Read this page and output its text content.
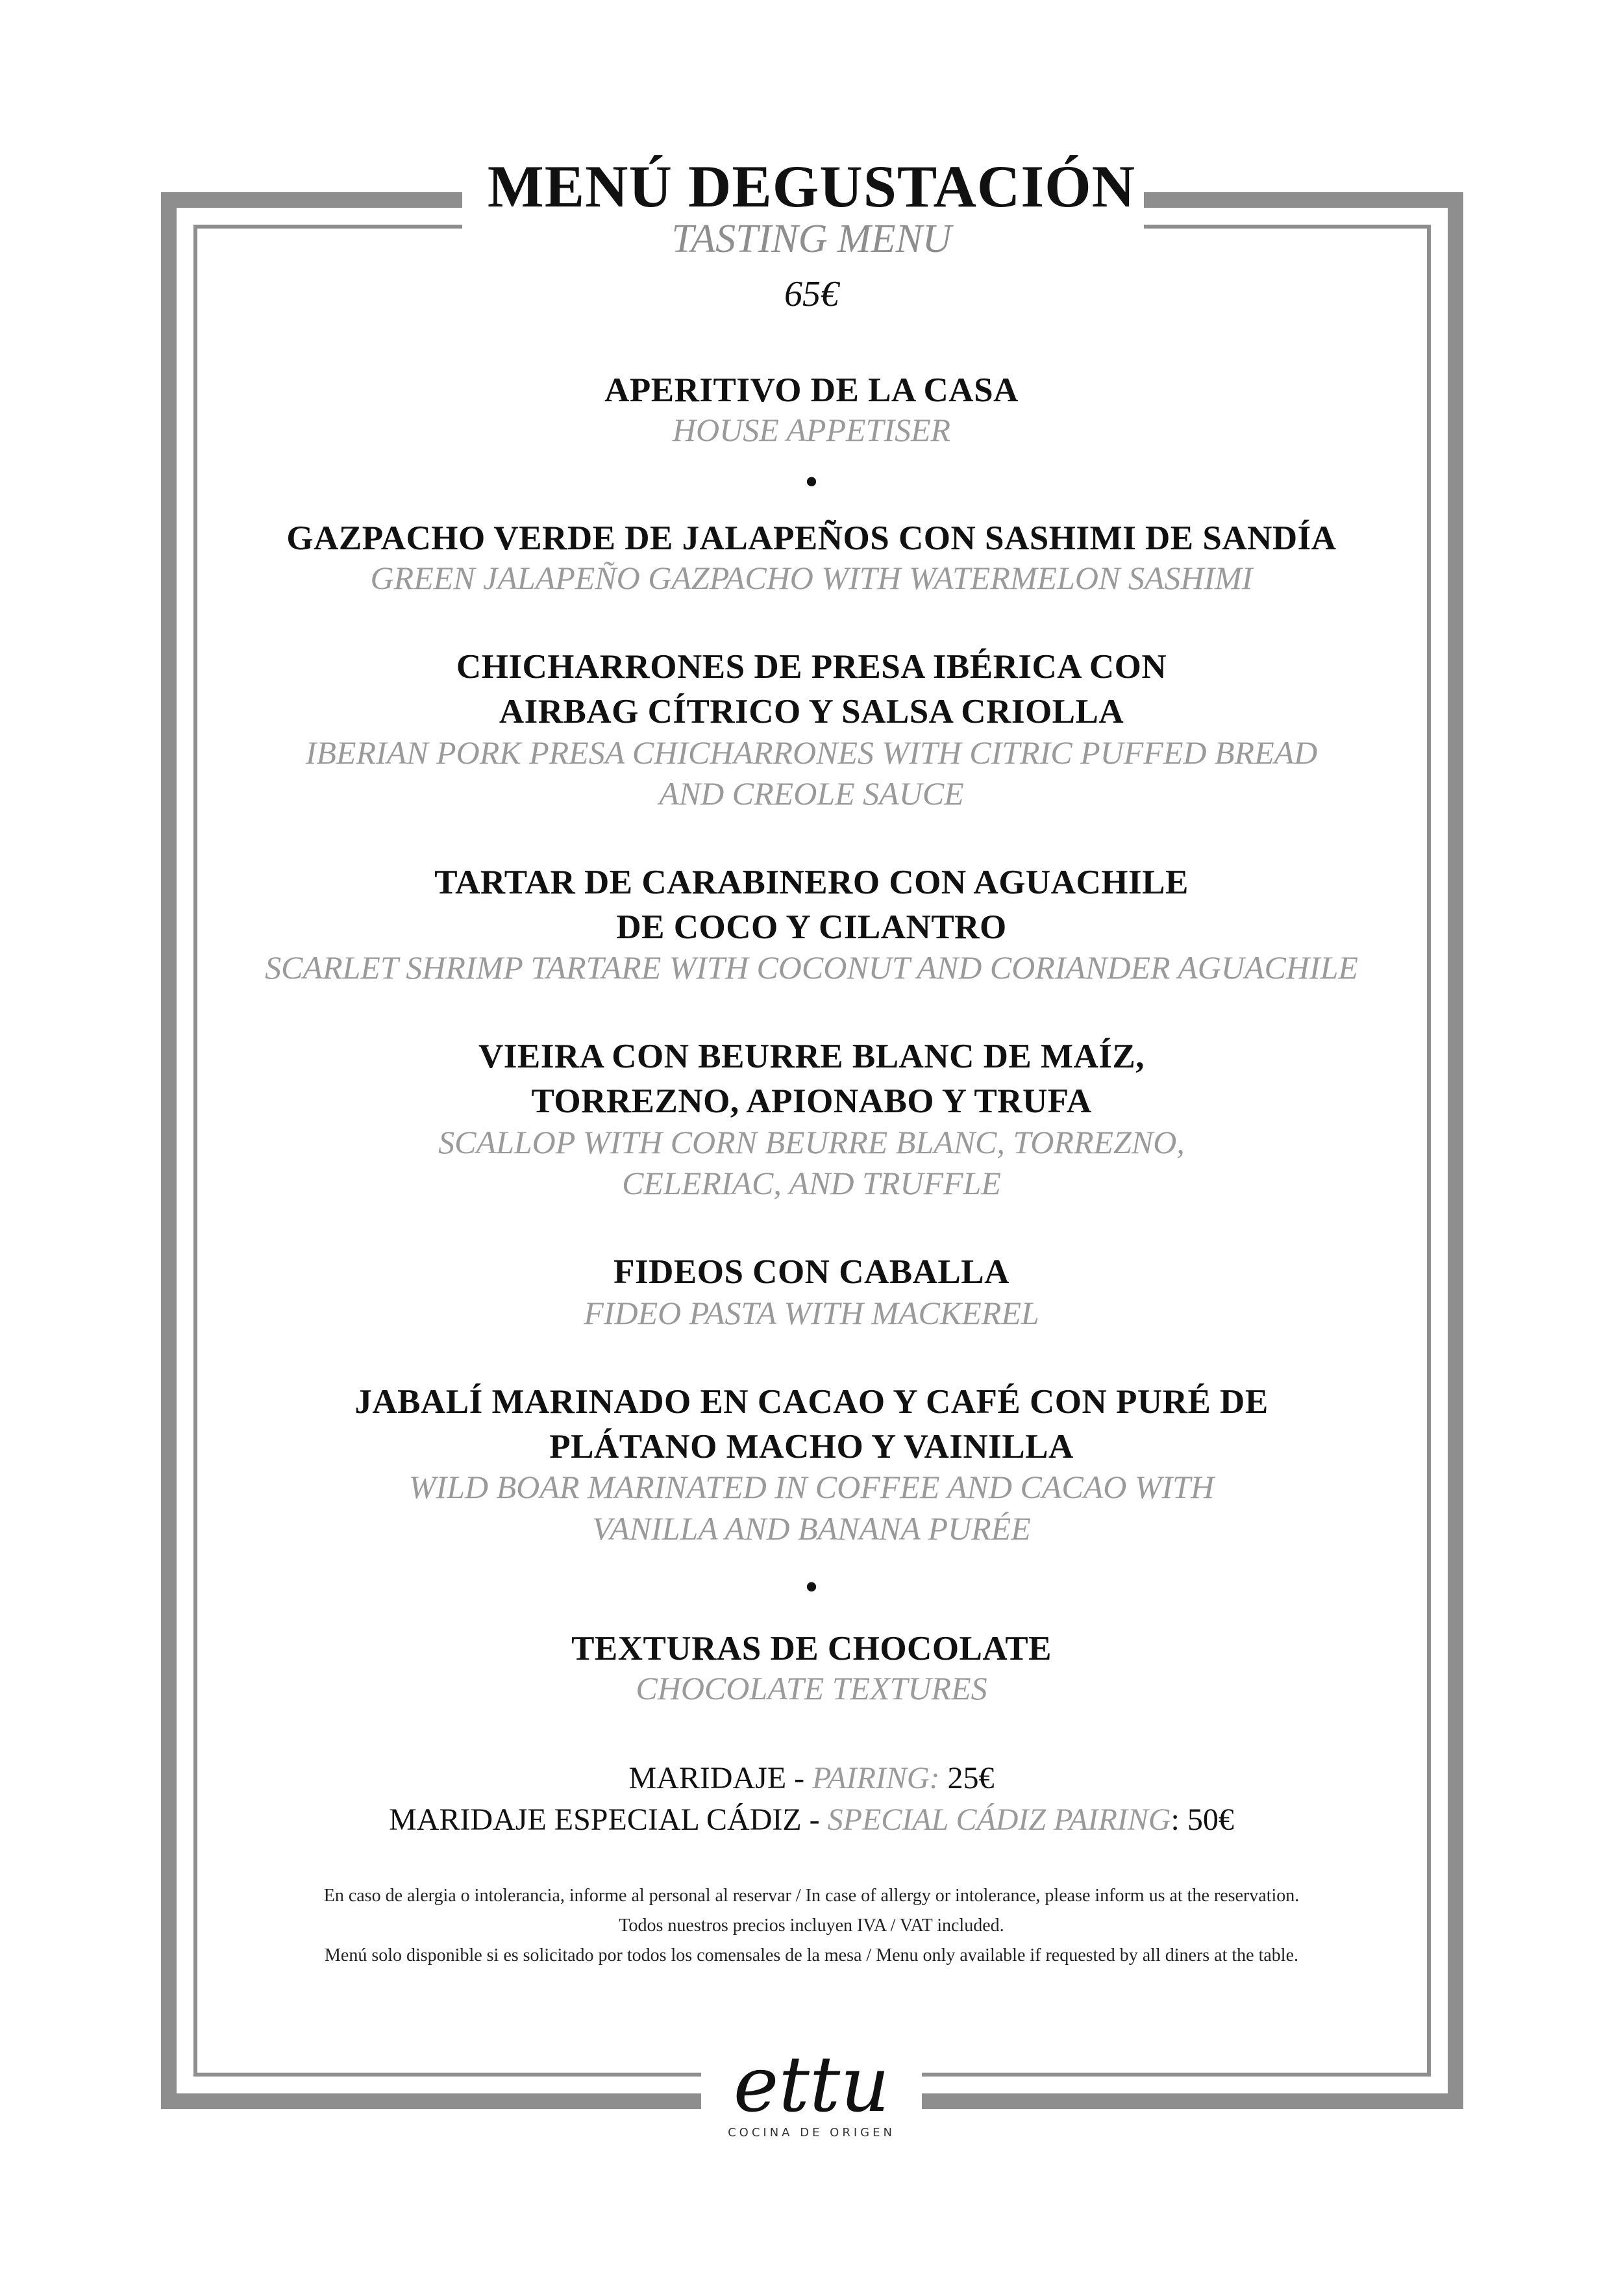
MENÚ DEGUSTACIÓN
TASTING MENU
65€
APERITIVO DE LA CASA
HOUSE APPETISER
•
GAZPACHO VERDE DE JALAPEÑOS CON SASHIMI DE SANDÍA
GREEN JALAPEÑO GAZPACHO WITH WATERMELON SASHIMI
CHICHARRONES DE PRESA IBÉRICA CON
AIRBAG CÍTRICO Y SALSA CRIOLLA
IBERIAN PORK PRESA CHICHARRONES WITH CITRIC PUFFED BREAD
AND CREOLE SAUCE
TARTAR DE CARABINERO CON AGUACHILE
DE COCO Y CILANTRO
SCARLET SHRIMP TARTARE WITH COCONUT AND CORIANDER AGUACHILE
VIEIRA CON BEURRE BLANC DE MAÍZ,
TORREZNO, APIONABO Y TRUFA
SCALLOP WITH CORN BEURRE BLANC, TORREZNO,
CELERIAC, AND TRUFFLE
FIDEOS CON CABALLA
FIDEO PASTA WITH MACKEREL
JABALÍ MARINADO EN CACAO Y CAFÉ CON PURÉ DE
PLÁTANO MACHO Y VAINILLA
WILD BOAR MARINATED IN COFFEE AND CACAO WITH
VANILLA AND BANANA PURÉE
•
TEXTURAS DE CHOCOLATE
CHOCOLATE TEXTURES
MARIDAJE - PAIRING: 25€
MARIDAJE ESPECIAL CÁDIZ - SPECIAL CÁDIZ PAIRING: 50€
En caso de alergia o intolerancia, informe al personal al reservar / In case of allergy or intolerance, please inform us at the reservation.
Todos nuestros precios incluyen IVA / VAT included.
Menú solo disponible si es solicitado por todos los comensales de la mesa / Menu only available if requested by all diners at the table.
ettu
COCINA DE ORIGEN
